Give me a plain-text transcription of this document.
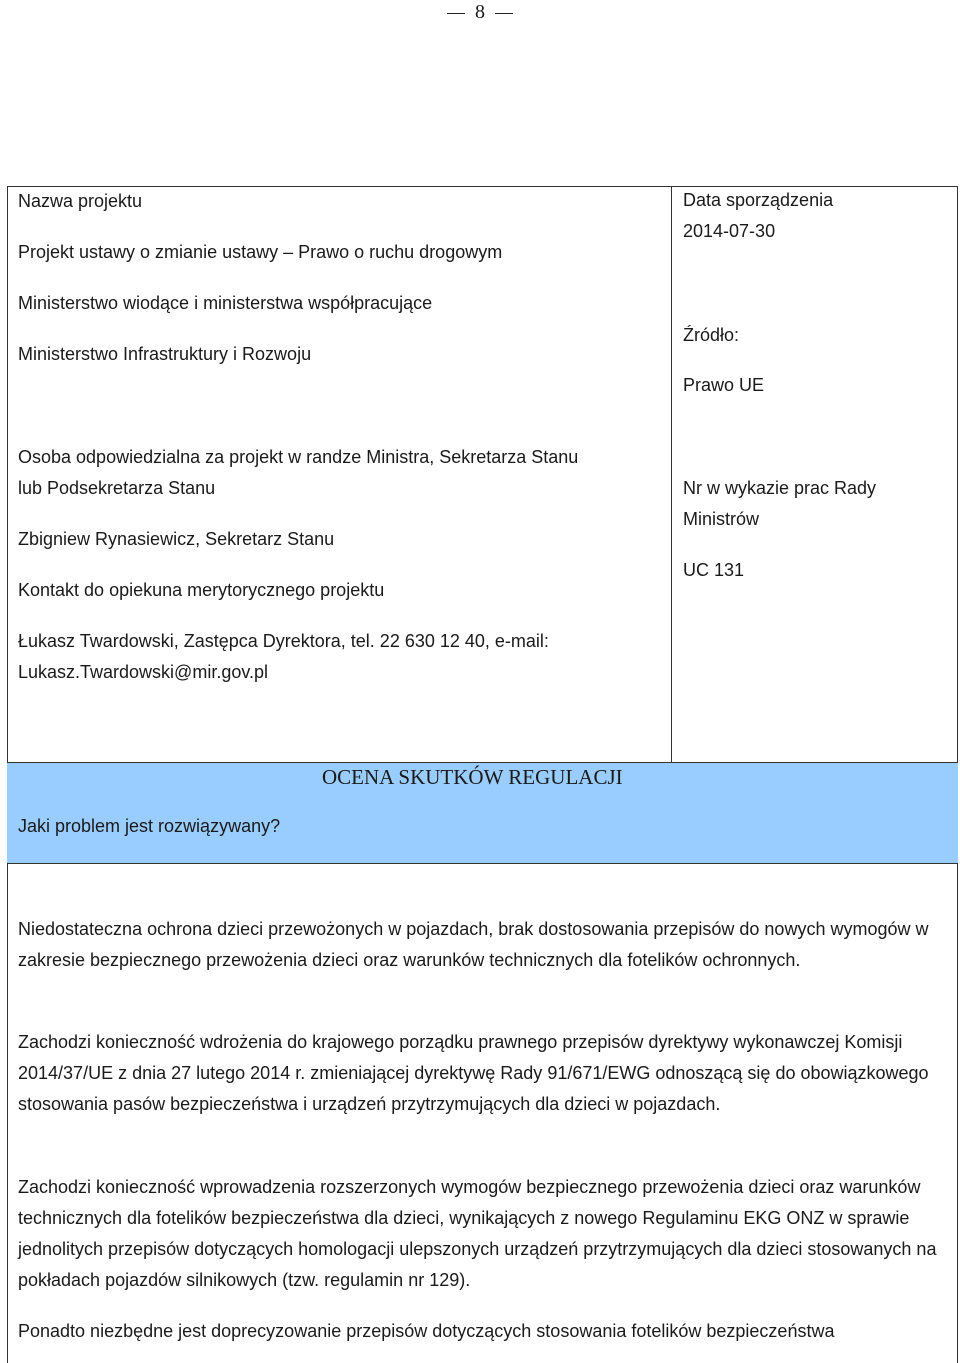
8
Nazwa projektu
Projekt ustawy o zmianie ustawy – Prawo o ruchu drogowym
Ministerstwo wiodące i ministerstwa współpracujące
Ministerstwo Infrastruktury i Rozwoju
Osoba odpowiedzialna za projekt w randze Ministra, Sekretarza Stanu
lub Podsekretarza Stanu
Zbigniew Rynasiewicz, Sekretarz Stanu
Kontakt do opiekuna merytorycznego projektu
Łukasz Twardowski, Zastępca Dyrektora, tel. 22 630 12 40, e-mail:
Lukasz.Twardowski@mir.gov.pl
Data sporządzenia
2014-07-30
Źródło:
Prawo UE
Nr w wykazie prac Rady
Ministrów
UC 131
OCENA SKUTKÓW REGULACJI
Jaki problem jest rozwiązywany?
Niedostateczna ochrona dzieci przewożonych w pojazdach, brak dostosowania przepisów do nowych wymogów w zakresie bezpiecznego przewożenia dzieci oraz warunków technicznych dla fotelików ochronnych.
Zachodzi konieczność wdrożenia do krajowego porządku prawnego przepisów dyrektywy wykonawczej Komisji 2014/37/UE z dnia 27 lutego 2014 r. zmieniającej dyrektywę Rady 91/671/EWG odnoszącą się do obowiązkowego stosowania pasów bezpieczeństwa i urządzeń przytrzymujących dla dzieci w pojazdach.
Zachodzi konieczność wprowadzenia rozszerzonych wymogów bezpiecznego przewożenia dzieci oraz warunków technicznych dla fotelików bezpieczeństwa dla dzieci, wynikających z nowego Regulaminu EKG ONZ w sprawie jednolitych przepisów dotyczących homologacji ulepszonych urządzeń przytrzymujących dla dzieci stosowanych na pokładach pojazdów silnikowych (tzw. regulamin nr 129).
Ponadto niezbędne jest doprecyzowanie przepisów dotyczących stosowania fotelików bezpieczeństwa
